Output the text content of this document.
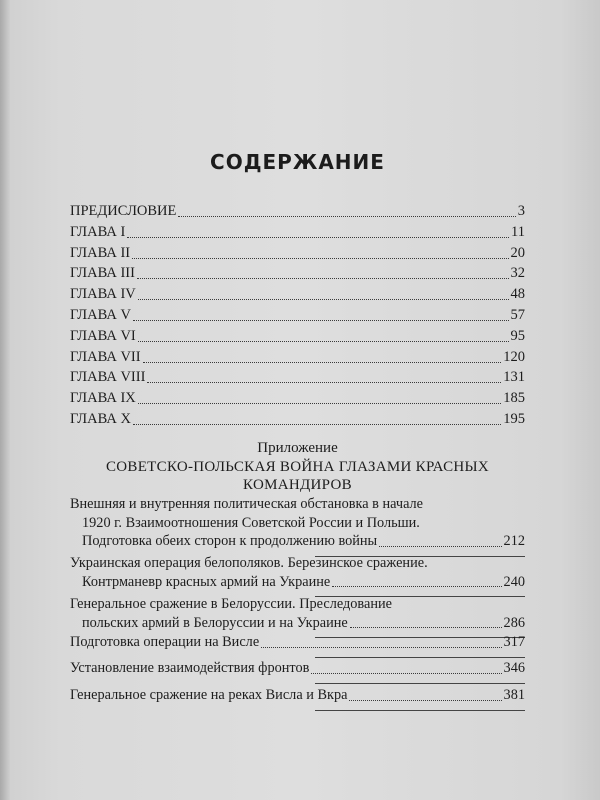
СОДЕРЖАНИЕ
ПРЕДИСЛОВИЕ	3
ГЛАВА I	11
ГЛАВА II	20
ГЛАВА III	32
ГЛАВА IV	48
ГЛАВА V	57
ГЛАВА VI	95
ГЛАВА VII	120
ГЛАВА VIII	131
ГЛАВА IX	185
ГЛАВА X	195
Приложение
СОВЕТСКО-ПОЛЬСКАЯ ВОЙНА ГЛАЗАМИ КРАСНЫХ
КОМАНДИРОВ
Внешняя и внутренняя политическая обстановка в начале
1920 г. Взаимоотношения Советской России и Польши.
Подготовка обеих сторон к продолжению войны	212
Украинская операция белополяков. Березинское сражение.
Контрманевр красных армий на Украине	240
Генеральное сражение в Белоруссии. Преследование
польских армий в Белоруссии и на Украине	286
Подготовка операции на Висле	317
Установление взаимодействия фронтов	346
Генеральное сражение на реках Висла и Вкра	381
